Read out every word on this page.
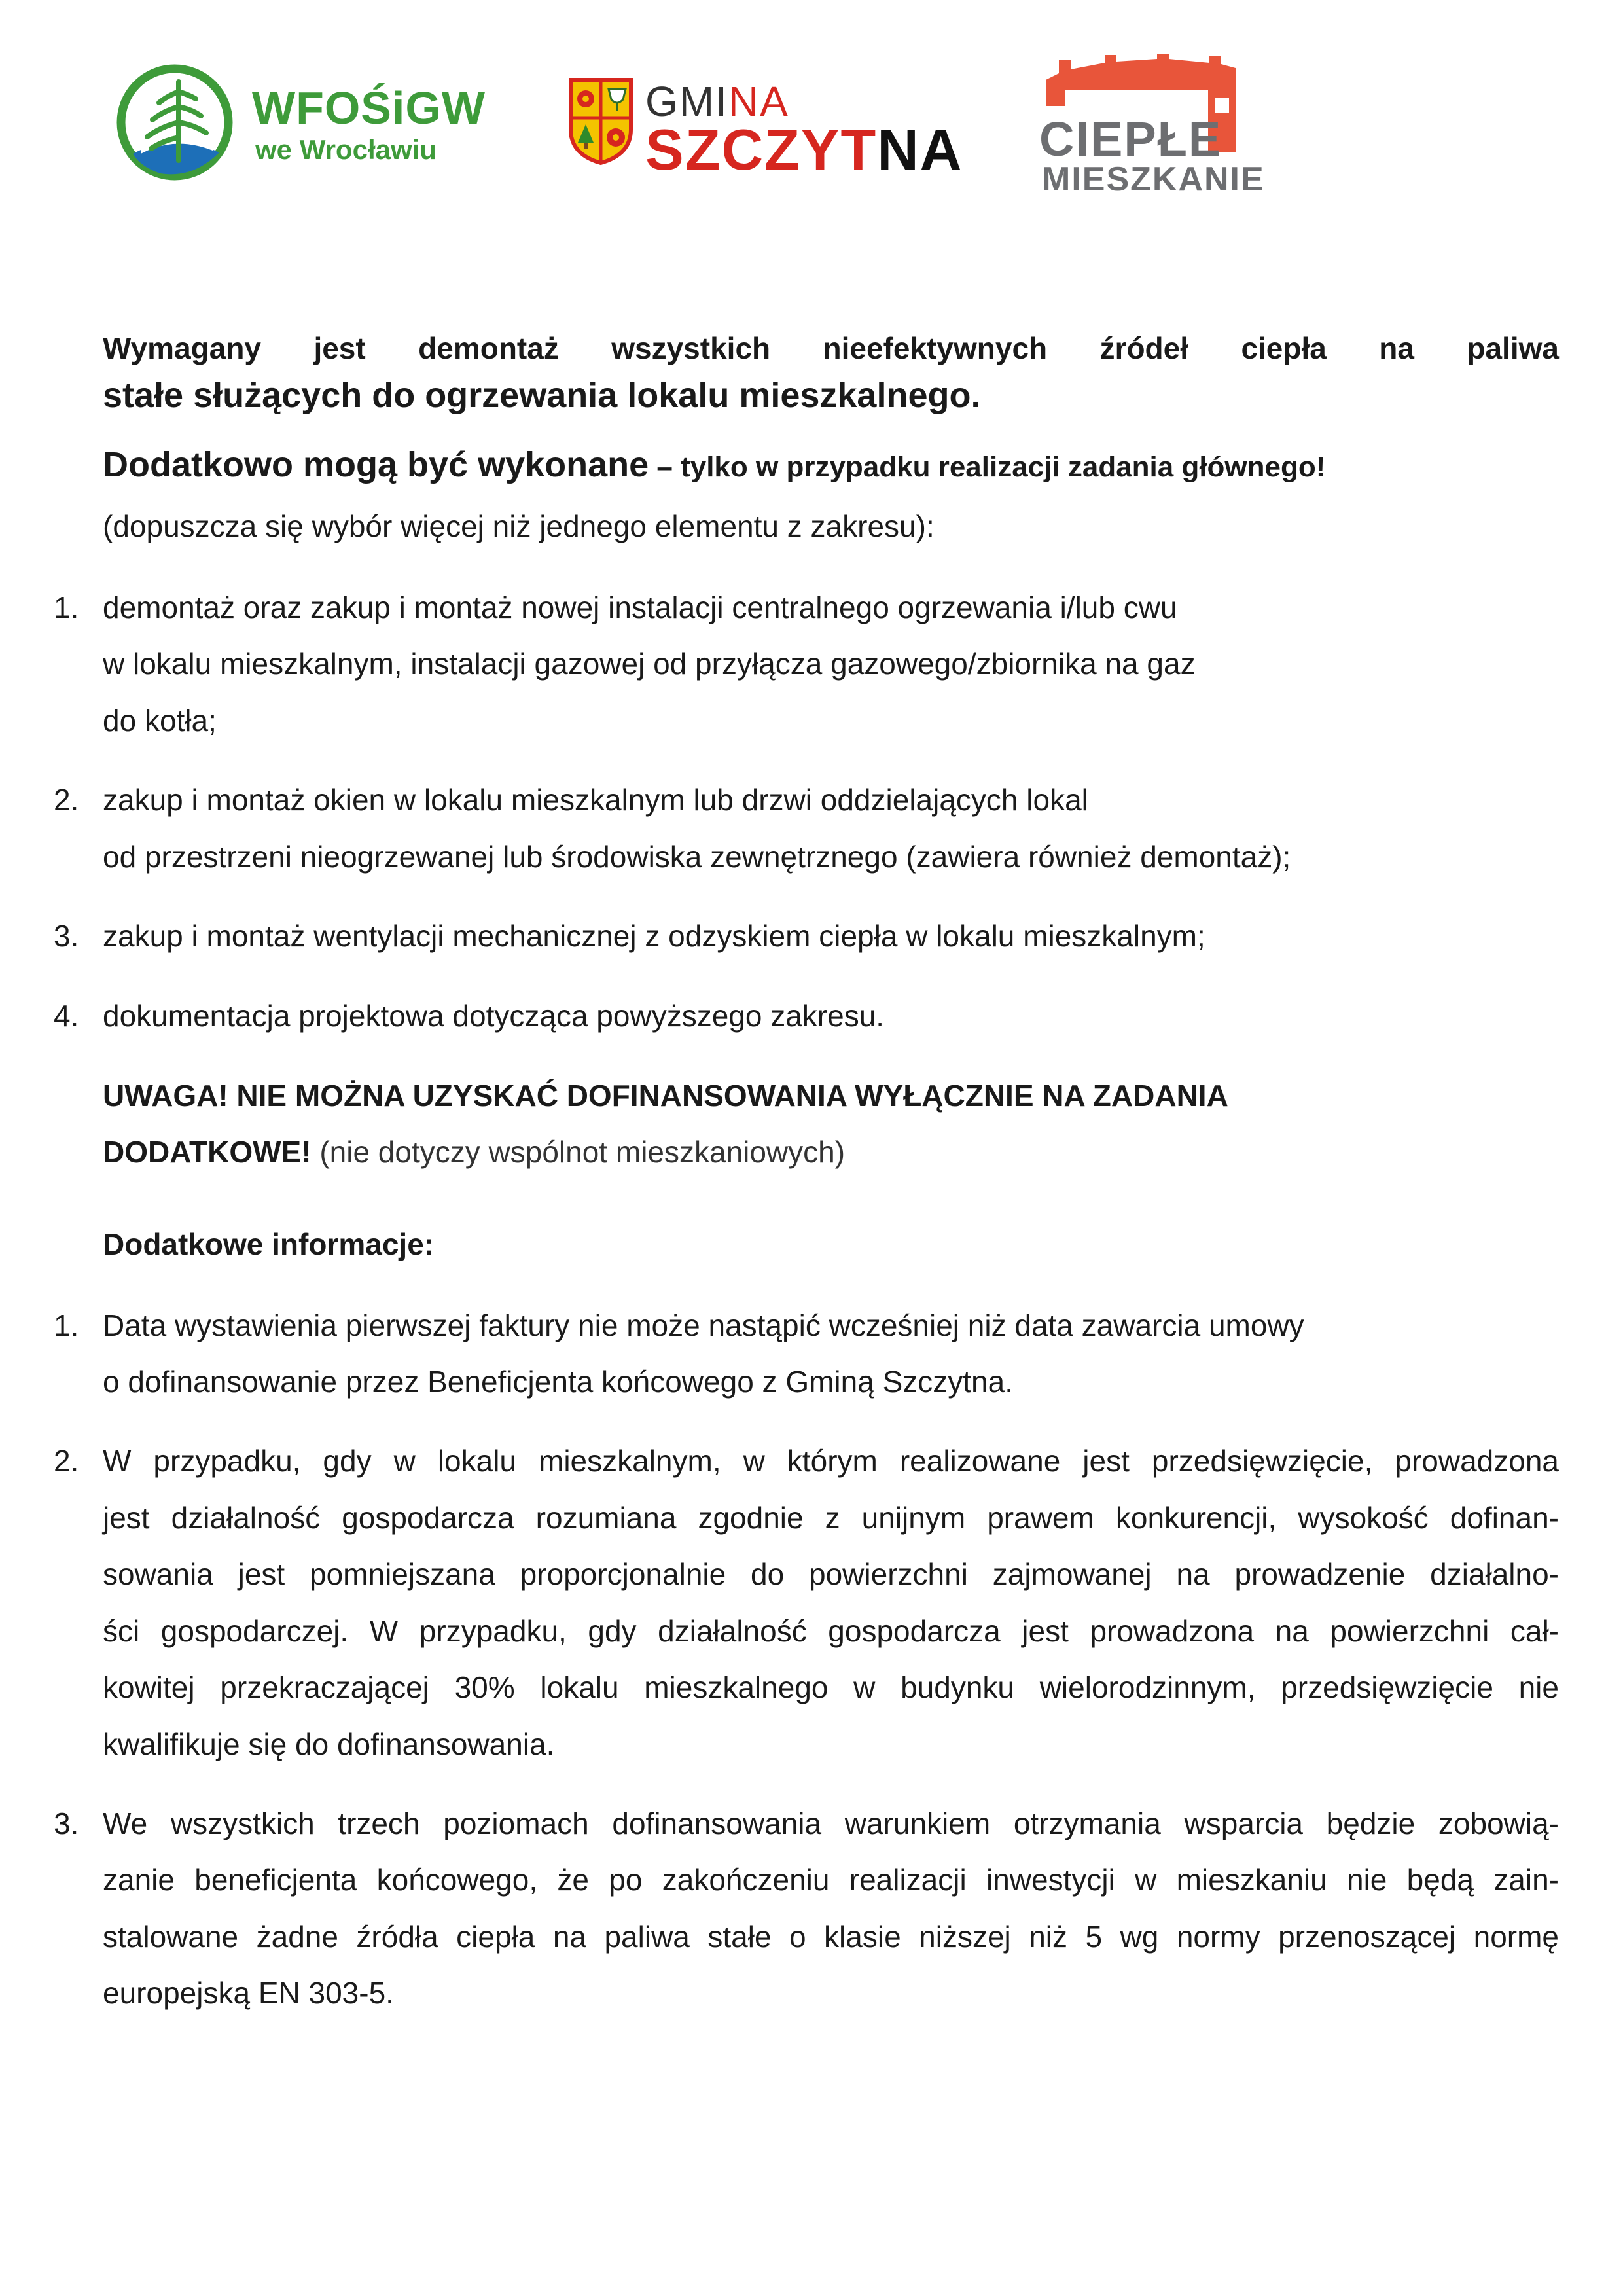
WFOŚiGW
we Wrocławiu
GMINA
SZCZYTNA CIEPŁE
MIESZKANIE
Wymagany jest demontaż wszystkich nieefektywnych źródeł ciepła na paliwa
stałe służących do ogrzewania lokalu mieszkalnego.
Dodatkowo mogą być wykonane – tylko w przypadku realizacji zadania głównego!
(dopuszcza się wybór więcej niż jednego elementu z zakresu):
1. demontaż oraz zakup i montaż nowej instalacji centralnego ogrzewania i/lub cwu
w lokalu mieszkalnym, instalacji gazowej od przyłącza gazowego/zbiornika na gaz
do kotła;
2. zakup i montaż okien w lokalu mieszkalnym lub drzwi oddzielających lokal
od przestrzeni nieogrzewanej lub środowiska zewnętrznego (zawiera również demontaż);
3. zakup i montaż wentylacji mechanicznej z odzyskiem ciepła w lokalu mieszkalnym;
4. dokumentacja projektowa dotycząca powyższego zakresu.
UWAGA! NIE MOŻNA UZYSKAĆ DOFINANSOWANIA WYŁĄCZNIE NA ZADANIA
DODATKOWE! (nie dotyczy wspólnot mieszkaniowych)
Dodatkowe informacje:
1. Data wystawienia pierwszej faktury nie może nastąpić wcześniej niż data zawarcia umowy
o dofinansowanie przez Beneficjenta końcowego z Gminą Szczytna.
2. W przypadku, gdy w lokalu mieszkalnym, w którym realizowane jest przedsięwzięcie, prowadzona
jest działalność gospodarcza rozumiana zgodnie z unijnym prawem konkurencji, wysokość dofinan-
sowania jest pomniejszana proporcjonalnie do powierzchni zajmowanej na prowadzenie działalno-
ści gospodarczej. W przypadku, gdy działalność gospodarcza jest prowadzona na powierzchni cał-
kowitej przekraczającej 30% lokalu mieszkalnego w budynku wielorodzinnym, przedsięwzięcie nie
kwalifikuje się do dofinansowania.
3. We wszystkich trzech poziomach dofinansowania warunkiem otrzymania wsparcia będzie zobowią-
zanie beneficjenta końcowego, że po zakończeniu realizacji inwestycji w mieszkaniu nie będą zain-
stalowane żadne źródła ciepła na paliwa stałe o klasie niższej niż 5 wg normy przenoszącej normę
europejską EN 303-5.
